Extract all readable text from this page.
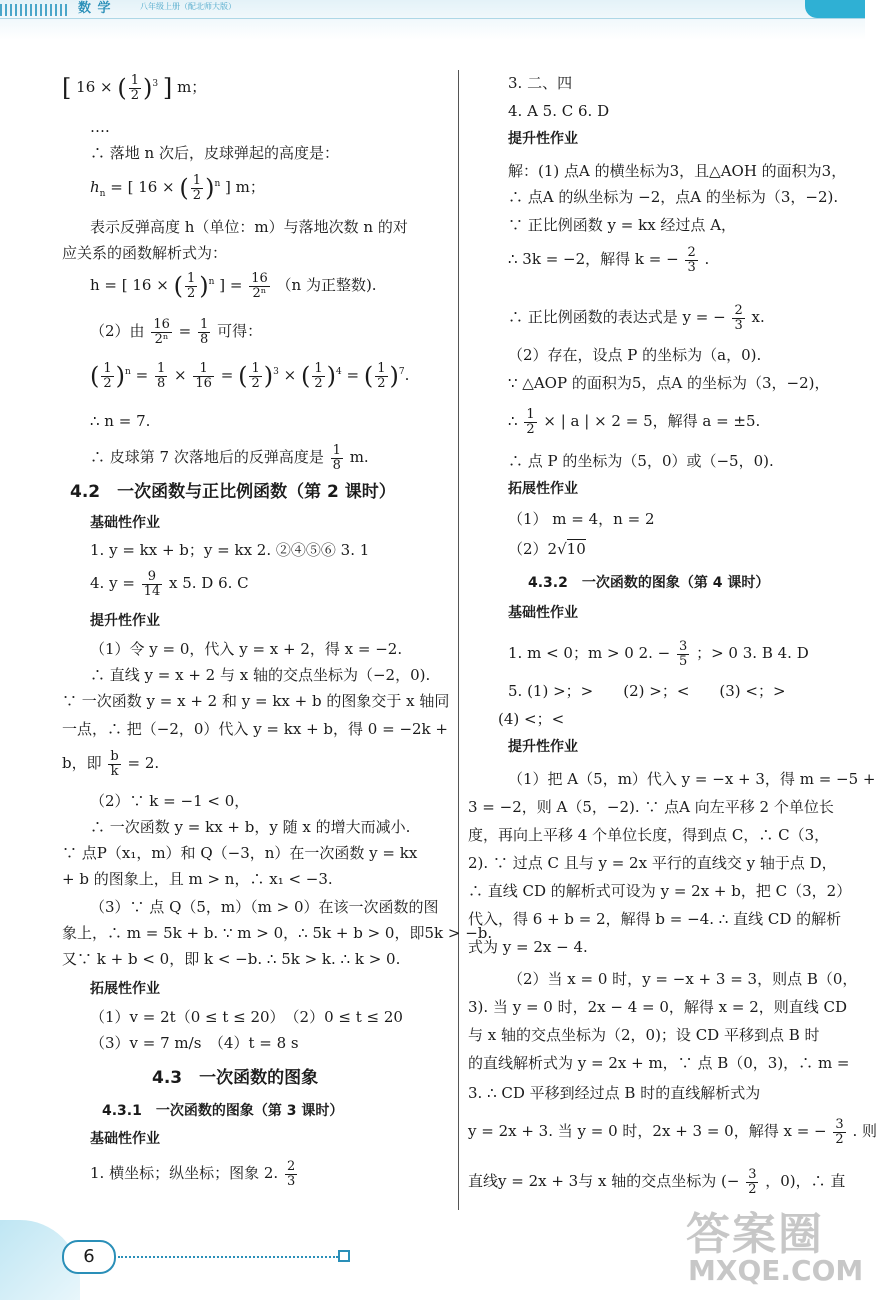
数 学	八年级上册（配北师大版）
[ 16 × ( $\frac{1}{2} )^3$ ] m；
….
∴ 落地 n 次后，皮球弹起的高度是：
$h_n$ = [ 16 × ( $\frac{1}{2} )^n$ ] m；
表示反弹高度 h（单位：m）与落地次数 n 的对
应关系的函数解析式为：
h = [ 16 × ( $\frac{1}{2} )^n$ ] = $\frac{16}{\text{2ⁿ}} (n$ 为正整数).
（2）由 $\frac{16}{\text{2ⁿ}} = \frac{1}{8}$ 可得：
( $\frac{1}{2} )^n = \frac{1}{8} \times \frac{1}{16}$ = ( $\frac{1}{2} )^3$ × ( $\frac{1}{2} )^4$ = ( $\frac{1}{2} )^7$.
∴ n = 7.
∴ 皮球第 7 次落地后的反弹高度是 $\frac{1}{8} m$.
4.2　一次函数与正比例函数（第 2 课时）
基础性作业
1. y = kx + b；y = kx 2. ②④⑤⑥ 3. 1
4. $y = \frac{9}{14}$ x 5. D 6. C
提升性作业
（1）令 y = 0，代入 y = x + 2，得 x = −2.
∴ 直线 y = x + 2 与 x 轴的交点坐标为（−2，0).
∵ 一次函数 y = x + 2 和 y = kx + b 的图象交于 x 轴同
一点，∴ 把（−2，0）代入 y = kx + b，得 0 = −2k +
b，即 $\frac{b}{k} = 2$.
（2）∵ k = −1 < 0，
∴ 一次函数 y = kx + b，y 随 x 的增大而减小.
∵ 点P（x₁，m）和 Q（−3，n）在一次函数 y = kx
+ b 的图象上，且 m > n，∴ x₁ < −3.
（3）∵ 点 Q（5，m）（m > 0）在该一次函数的图
象上，∴ m = 5k + b. ∵ m > 0，∴ 5k + b > 0，即5k > −b.
又∵ k + b < 0，即 k < −b. ∴ 5k > k. ∴ k > 0.
拓展性作业
（1）v = 2t（0 ≤ t ≤ 20）　（2）0 ≤ t ≤ 20
（3）v = 7 m/s　（4）t = 8 s
4.3　一次函数的图象
4.3.1　一次函数的图象（第 3 课时）
基础性作业
1. 横坐标；纵坐标；图象 2. $\frac{2}{3}$
3. 二、四
4. A 5. C 6. D
提升性作业
解：(1) 点A 的横坐标为3，且△AOH 的面积为3，
∴ 点A 的纵坐标为 −2，点A 的坐标为（3，−2).
∵ 正比例函数 y = kx 经过点 A，
∴ 3k = −2，解得 k = − $\frac{2}{3}$ .
∴ 正比例函数的表达式是 y = − $\frac{2}{3} x$.
（2）存在，设点 P 的坐标为（a，0).
∵ △AOP 的面积为5，点A 的坐标为（3，−2)，
∴ $\frac{1}{2}$ × | a | × 2 = 5，解得 a = ±5.
∴ 点 P 的坐标为（5，0）或（−5，0).
拓展性作业
（1） m = 4，n = 2
（2）2√10
4.3.2　一次函数的图象（第 4 课时）
基础性作业
1. m < 0；m > 0 2. − $\frac{3}{5}$ ；> 0 3. B 4. D
5. (1) >；>　　(2) >；<　　(3) <；>
(4) <；<
提升性作业
（1）把 A（5，m）代入 y = −x + 3，得 m = −5 +
3 = −2，则 A（5，−2). ∵ 点A 向左平移 2 个单位长
度，再向上平移 4 个单位长度，得到点 C，∴ C（3，
2). ∵ 过点 C 且与 y = 2x 平行的直线交 y 轴于点 D，
∴ 直线 CD 的解析式可设为 y = 2x + b，把 C（3，2）
代入，得 6 + b = 2，解得 b = −4. ∴ 直线 CD 的解析
式为 y = 2x − 4.
（2）当 x = 0 时，y = −x + 3 = 3，则点 B（0，
3). 当 y = 0 时，2x − 4 = 0，解得 x = 2，则直线 CD
与 x 轴的交点坐标为（2，0)；设 CD 平移到点 B 时
的直线解析式为 y = 2x + m，∵ 点 B（0，3)，∴ m =
3. ∴ CD 平移到经过点 B 时的直线解析式为
y = 2x + 3. 当 y = 0 时，2x + 3 = 0，解得 x = − $\frac{3}{2}$ . 则
直线y = 2x + 3与 x 轴的交点坐标为 (− $\frac{3}{2}$ ，0)，∴ 直
6	答案圈
MXQE.COM
